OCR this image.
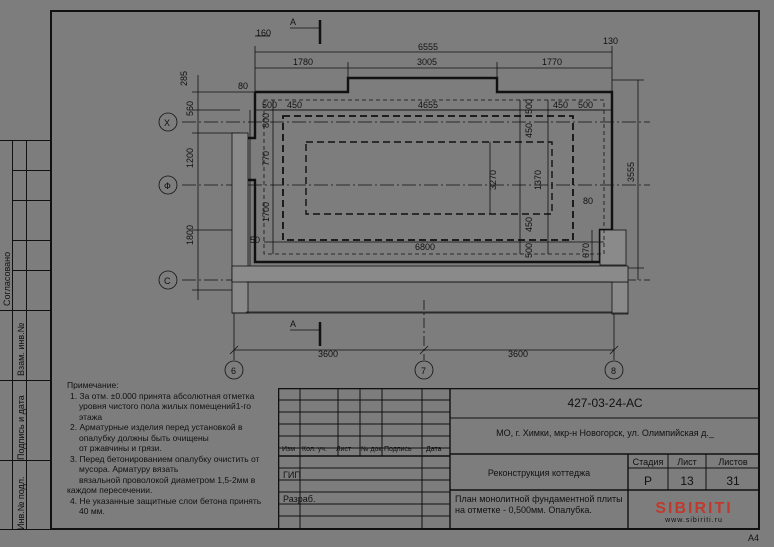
Согласовано
Взам. инв.№
Подпись и дата
Инв.№ подл.
А
А
160
6555
130
1780	3005	1770
285	80
560	500 450	4655	500 450 500
800
770
1200
1700
1800	50
450
1370
3270
450
500
3555
80
670
6800
3600	3600
Х
Ф
С
6	7	8
Примечание:
1. За отм. ±0.000 принята абсолютная отметка
уровня чистого пола жилых помещений1-го
этажа
2. Арматурные изделия перед установкой в
опалубку должны быть очищены
от ржавчины и грязи.
3. Перед бетонированием опалубку очистить от
мусора. Арматуру вязать
вязальной проволокой диаметром 1,5-2мм в
каждом пересечении.
4. Не указанные защитные слои бетона принять
40 мм.
Изм Кол. уч. Лист № док. Подпись Дата
ГИП
Разраб.
427-03-24-АС
МО, г. Химки, мкр-н Новогорск, ул. Олимпийская д._
Реконструкция коттеджа
План монолитной фундаментной плиты на отметке - 0,500мм. Опалубка.
Стадия	Лист	Листов
Р	13	31
SIBIRITI
www.sibiriti.ru
А4
